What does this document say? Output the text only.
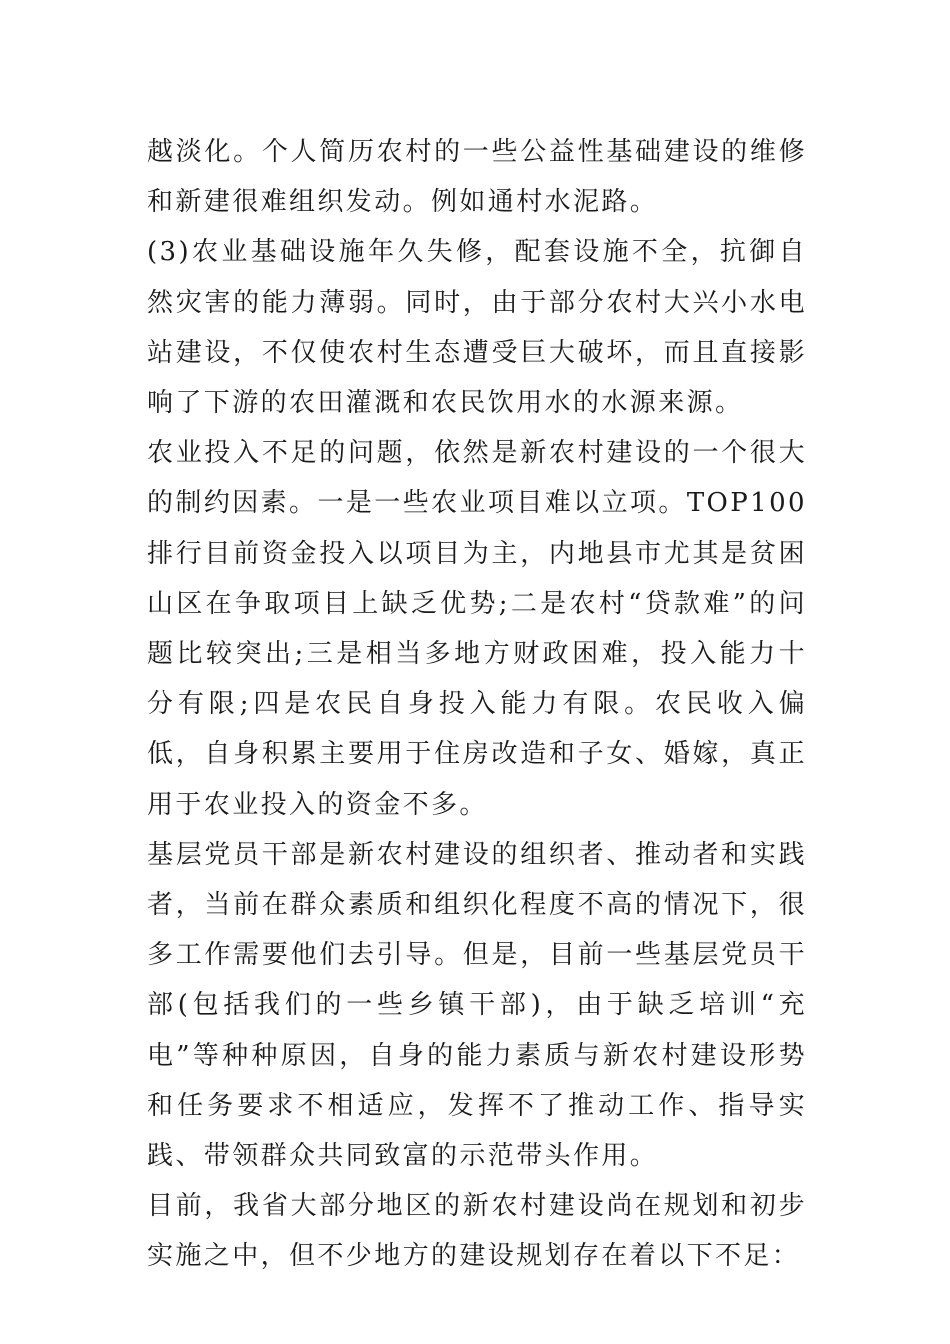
越淡化。个人简历农村的一些公益性基础建设的维修和新建很难组织发动。例如通村水泥路。

(3)农业基础设施年久失修，配套设施不全，抗御自然灾害的能力薄弱。同时，由于部分农村大兴小水电站建设，不仅使农村生态遭受巨大破坏，而且直接影响了下游的农田灌溉和农民饮用水的水源来源。

农业投入不足的问题，依然是新农村建设的一个很大的制约因素。一是一些农业项目难以立项。TOP100排行目前资金投入以项目为主，内地县市尤其是贫困山区在争取项目上缺乏优势;二是农村“贷款难”的问题比较突出;三是相当多地方财政困难，投入能力十分有限;四是农民自身投入能力有限。农民收入偏低，自身积累主要用于住房改造和子女、婚嫁，真正用于农业投入的资金不多。

基层党员干部是新农村建设的组织者、推动者和实践者，当前在群众素质和组织化程度不高的情况下，很多工作需要他们去引导。但是，目前一些基层党员干部(包括我们的一些乡镇干部)，由于缺乏培训“充电”等种种原因，自身的能力素质与新农村建设形势和任务要求不相适应，发挥不了推动工作、指导实践、带领群众共同致富的示范带头作用。

目前，我省大部分地区的新农村建设尚在规划和初步实施之中，但不少地方的建设规划存在着以下不足：
